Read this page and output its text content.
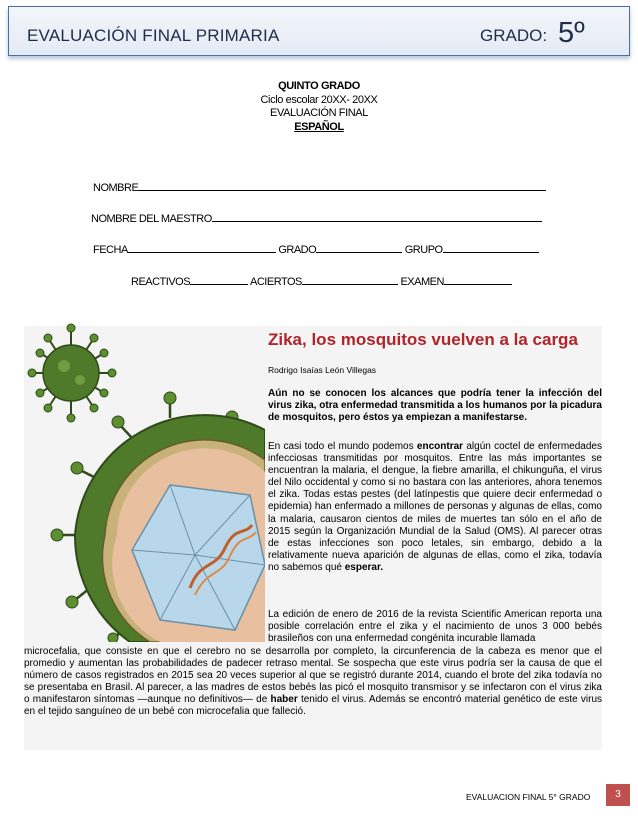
EVALUACIÓN FINAL PRIMARIA	GRADO: 5º
QUINTO GRADO
Ciclo escolar 20XX- 20XX
EVALUACIÓN FINAL
ESPAÑOL
NOMBRE
NOMBRE DEL MAESTRO
FECHA	GRADO	GRUPO
REACTIVOS	ACIERTOS	EXAMEN
Zika, los mosquitos vuelven a la carga
Rodrigo Isaías León Villegas
Aún no se conocen los alcances que podría tener la infección del virus zika, otra enfermedad transmitida a los humanos por la picadura de mosquitos, pero éstos ya empiezan a manifestarse.
En casi todo el mundo podemos encontrar algún coctel de enfermedades infecciosas transmitidas por mosquitos. Entre las más importantes se encuentran la malaria, el dengue, la fiebre amarilla, el chikunguña, el virus del Nilo occidental y como si no bastara con las anteriores, ahora tenemos el zika. Todas estas pestes (del latínpestis que quiere decir enfermedad o epidemia) han enfermado a millones de personas y algunas de ellas, como la malaria, causaron cientos de miles de muertes tan sólo en el año de 2015 según la Organización Mundial de la Salud (OMS). Al parecer otras de estas infecciones son poco letales, sin embargo, debido a la relativamente nueva aparición de algunas de ellas, como el zika, todavía no sabemos qué esperar.
La edición de enero de 2016 de la revista Scientific American reporta una posible correlación entre el zika y el nacimiento de unos 3 000 bebés brasileños con una enfermedad congénita incurable llamada
microcefalia, que consiste en que el cerebro no se desarrolla por completo, la circunferencia de la cabeza es menor que el promedio y aumentan las probabilidades de padecer retraso mental. Se sospecha que este virus podría ser la causa de que el número de casos registrados en 2015 sea 20 veces superior al que se registró durante 2014, cuando el brote del zika todavía no se presentaba en Brasil. Al parecer, a las madres de estos bebés las picó el mosquito transmisor y se infectaron con el virus zika o manifestaron síntomas —aunque no definitivos— de haber tenido el virus. Además se encontró material genético de este virus en el tejido sanguíneo de un bebé con microcefalia que falleció.
EVALUACION FINAL 5° GRADO	3
